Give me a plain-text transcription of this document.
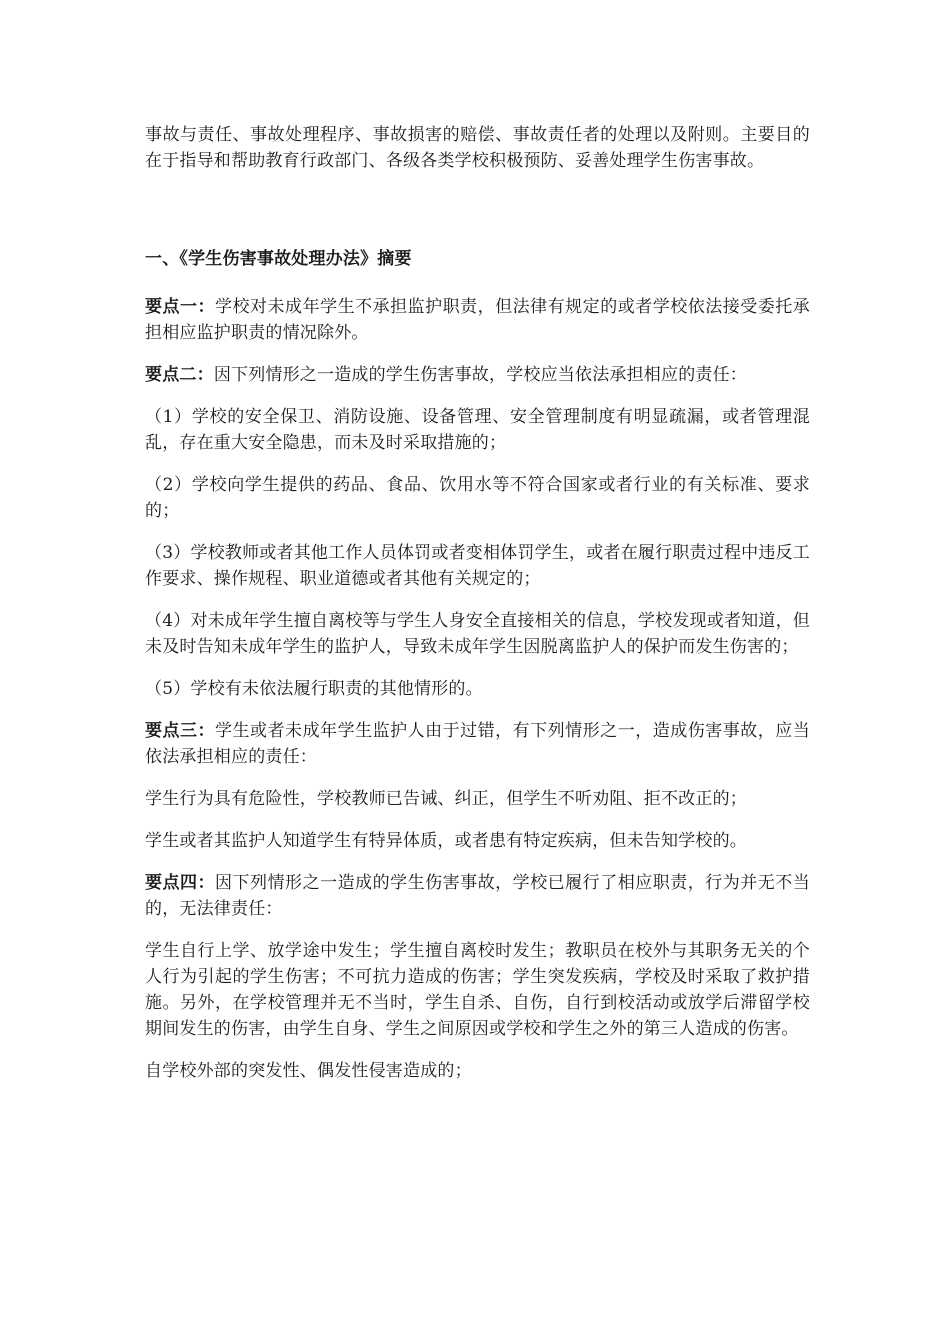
事故与责任、事故处理程序、事故损害的赔偿、事故责任者的处理以及附则。主要目的在于指导和帮助教育行政部门、各级各类学校积极预防、妥善处理学生伤害事故。

一、《学生伤害事故处理办法》摘要

要点一：学校对未成年学生不承担监护职责，但法律有规定的或者学校依法接受委托承担相应监护职责的情况除外。

要点二：因下列情形之一造成的学生伤害事故，学校应当依法承担相应的责任：

（1）学校的安全保卫、消防设施、设备管理、安全管理制度有明显疏漏，或者管理混乱，存在重大安全隐患，而未及时采取措施的；

（2）学校向学生提供的药品、食品、饮用水等不符合国家或者行业的有关标准、要求的；

（3）学校教师或者其他工作人员体罚或者变相体罚学生，或者在履行职责过程中违反工作要求、操作规程、职业道德或者其他有关规定的；

（4）对未成年学生擅自离校等与学生人身安全直接相关的信息，学校发现或者知道，但未及时告知未成年学生的监护人，导致未成年学生因脱离监护人的保护而发生伤害的；

（5）学校有未依法履行职责的其他情形的。

要点三：学生或者未成年学生监护人由于过错，有下列情形之一，造成伤害事故，应当依法承担相应的责任：

学生行为具有危险性，学校教师已告诫、纠正，但学生不听劝阻、拒不改正的；

学生或者其监护人知道学生有特异体质，或者患有特定疾病，但未告知学校的。

要点四：因下列情形之一造成的学生伤害事故，学校已履行了相应职责，行为并无不当的，无法律责任：

学生自行上学、放学途中发生；学生擅自离校时发生；教职员在校外与其职务无关的个人行为引起的学生伤害；不可抗力造成的伤害；学生突发疾病，学校及时采取了救护措施。另外，在学校管理并无不当时，学生自杀、自伤，自行到校活动或放学后滞留学校期间发生的伤害，由学生自身、学生之间原因或学校和学生之外的第三人造成的伤害。

自学校外部的突发性、偶发性侵害造成的；
